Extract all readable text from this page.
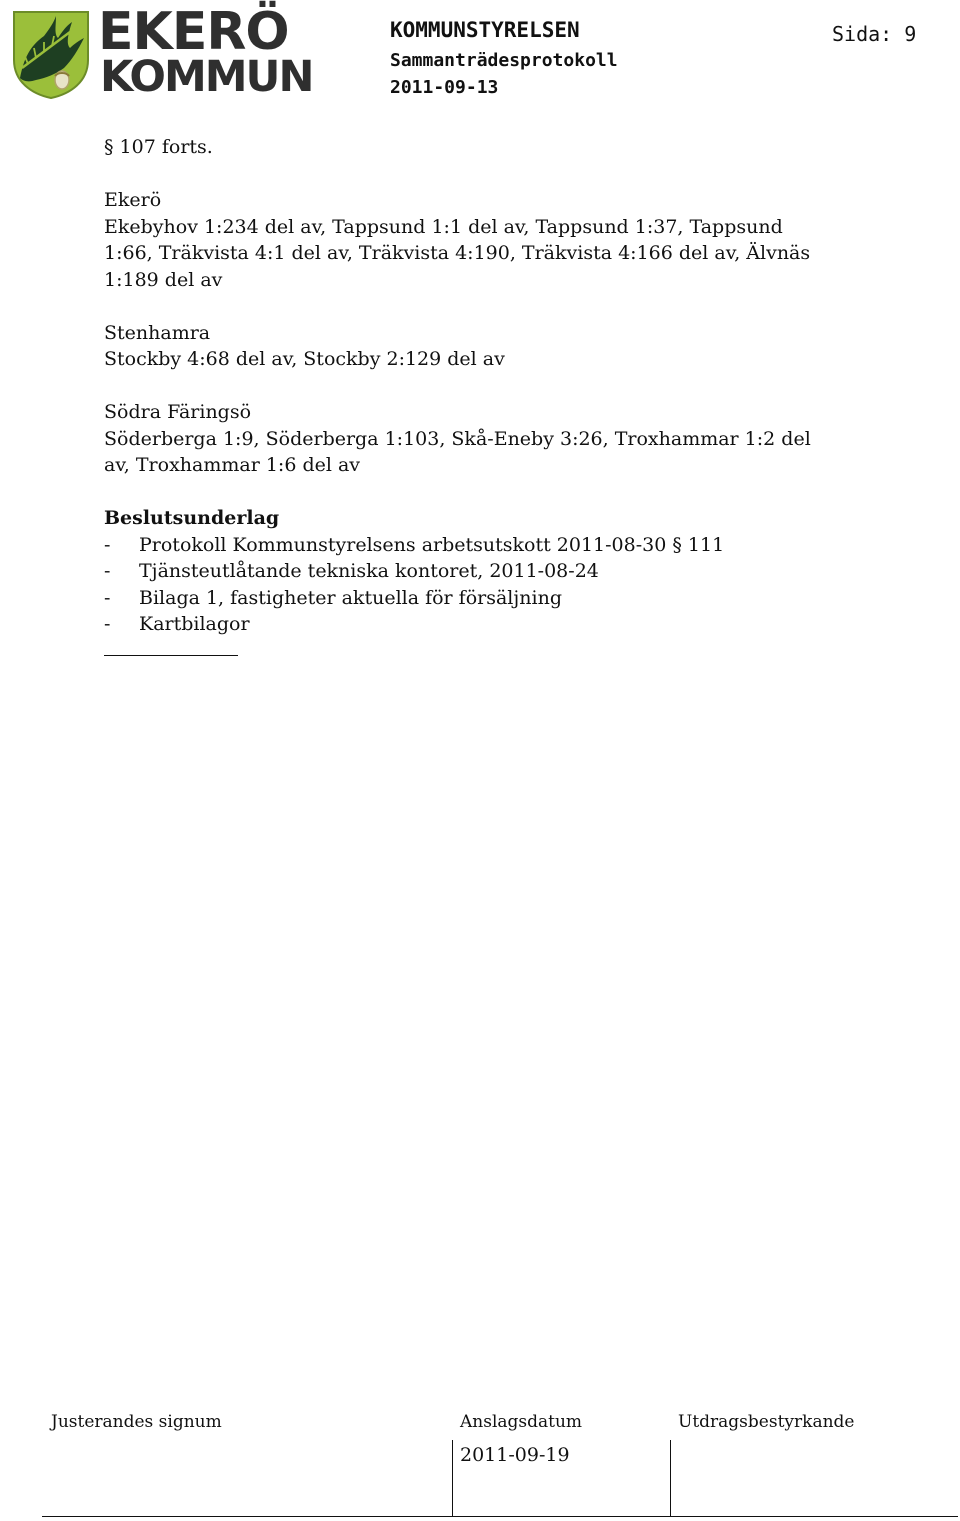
EKERÖ
KOMMUN
KOMMUNSTYRELSEN
Sammanträdesprotokoll
2011-09-13
Sida: 9

§ 107 forts.

Ekerö

Ekebyhov 1:234 del av, Tappsund 1:1 del av, Tappsund 1:37, Tappsund

1:66, Träkvista 4:1 del av, Träkvista 4:190, Träkvista 4:166 del av, Älvnäs

1:189 del av

Stenhamra

Stockby 4:68 del av, Stockby 2:129 del av

Södra Färingsö

Söderberga 1:9, Söderberga 1:103, Skå-Eneby 3:26, Troxhammar 1:2 del

av, Troxhammar 1:6 del av

Beslutsunderlag

- Protokoll Kommunstyrelsens arbetsutskott 2011-08-30 § 111
- Tjänsteutlåtande tekniska kontoret, 2011-08-24
- Bilaga 1, fastigheter aktuella för försäljning
- Kartbilagor
Justerandes signum	Anslagsdatum	Utdragsbestyrkande
2011-09-19
